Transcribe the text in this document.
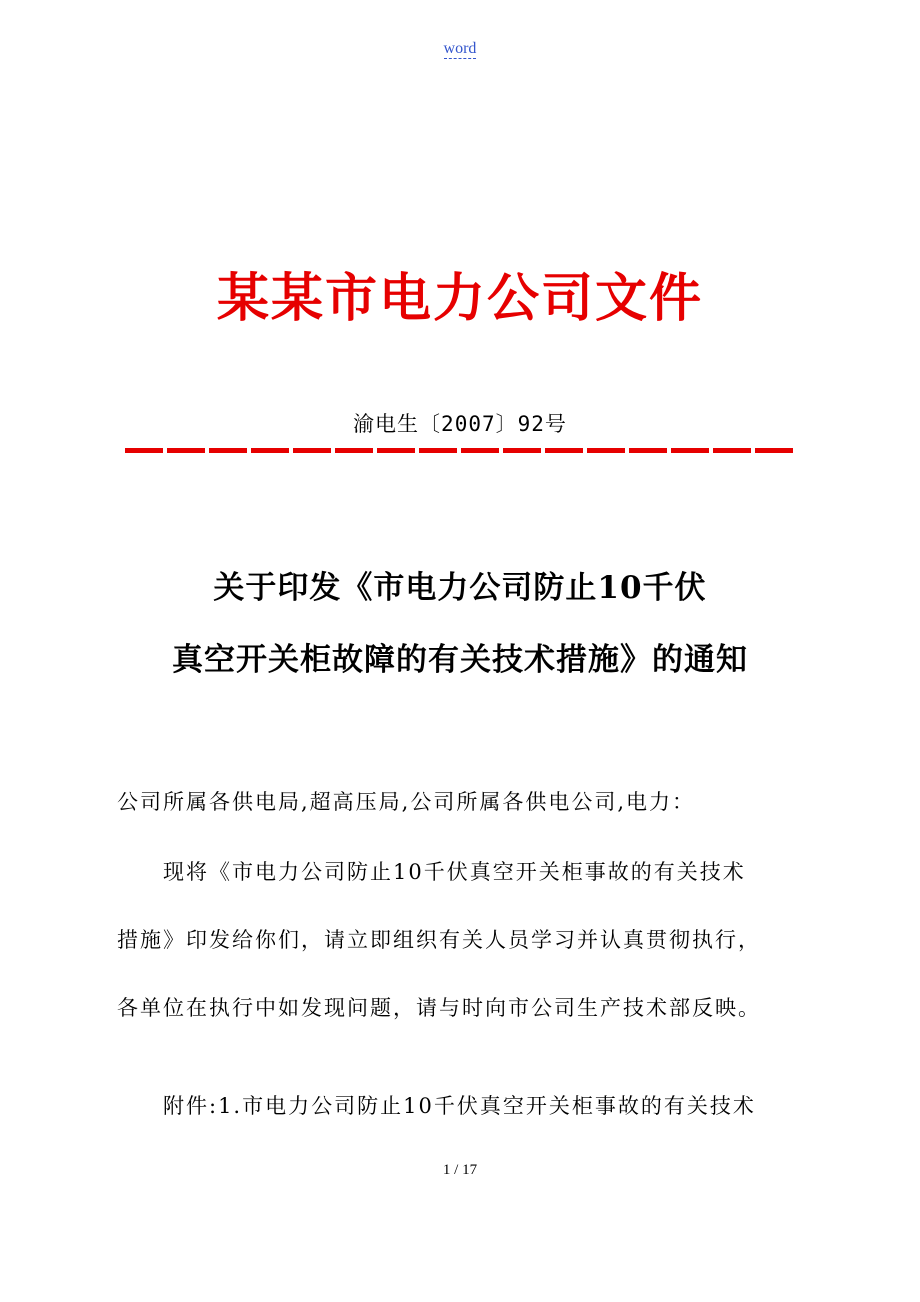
word
某某市电力公司文件
渝电生〔2007〕92号
关于印发《市电力公司防止10千伏
真空开关柜故障的有关技术措施》的通知
公司所属各供电局,超高压局,公司所属各供电公司,电力：
现将《市电力公司防止10千伏真空开关柜事故的有关技术
措施》印发给你们，请立即组织有关人员学习并认真贯彻执行，
各单位在执行中如发现问题，请与时向市公司生产技术部反映。
附件:1.市电力公司防止10千伏真空开关柜事故的有关技术
1 / 17
